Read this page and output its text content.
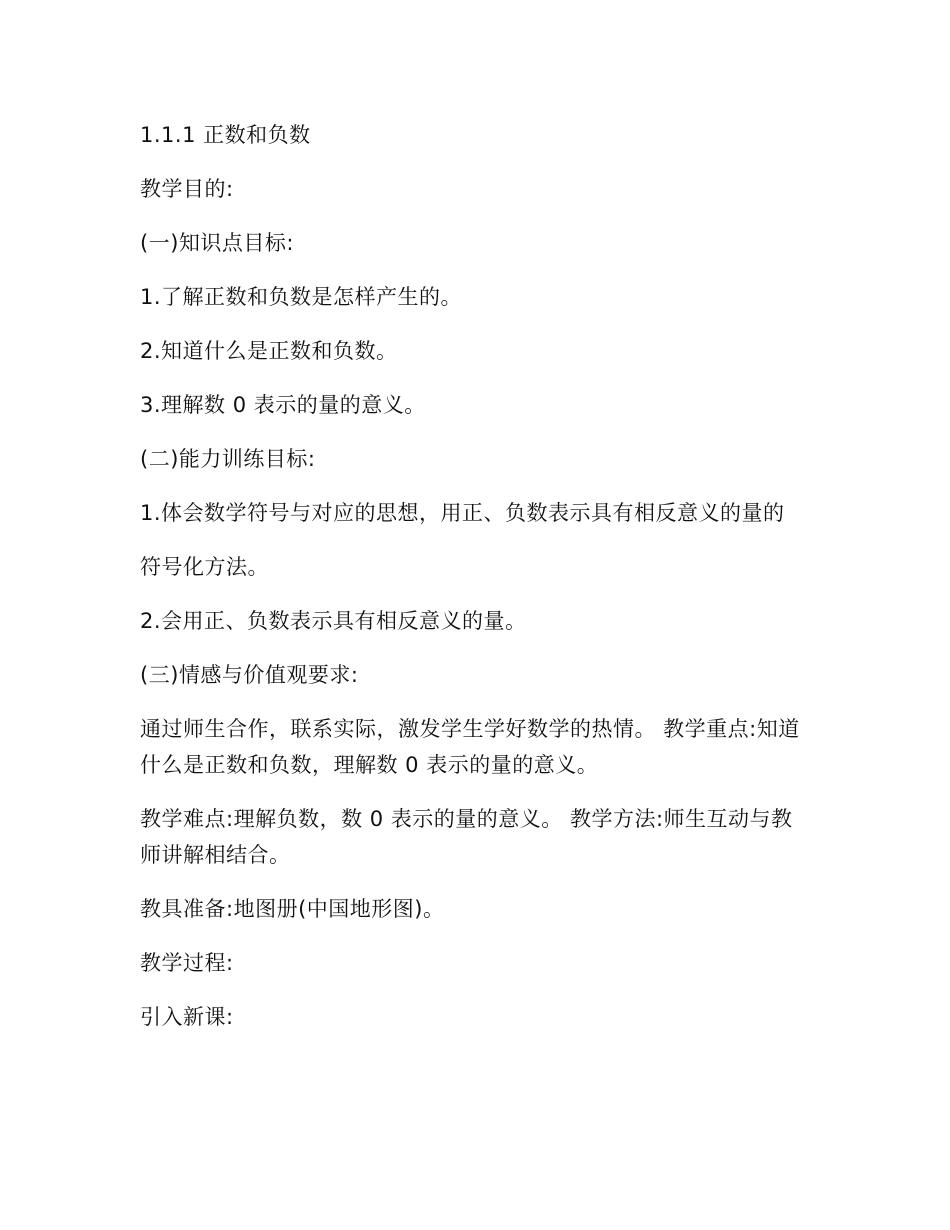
1.1.1 正数和负数

教学目的:

(一)知识点目标:

1.了解正数和负数是怎样产生的。

2.知道什么是正数和负数。

3.理解数 0 表示的量的意义。

(二)能力训练目标:

1.体会数学符号与对应的思想，用正、负数表示具有相反意义的量的

符号化方法。

2.会用正、负数表示具有相反意义的量。

(三)情感与价值观要求:

通过师生合作，联系实际，激发学生学好数学的热情。 教学重点:知道什么是正数和负数，理解数 0 表示的量的意义。

教学难点:理解负数，数 0 表示的量的意义。 教学方法:师生互动与教师讲解相结合。

教具准备:地图册(中国地形图)。

教学过程:

引入新课:
